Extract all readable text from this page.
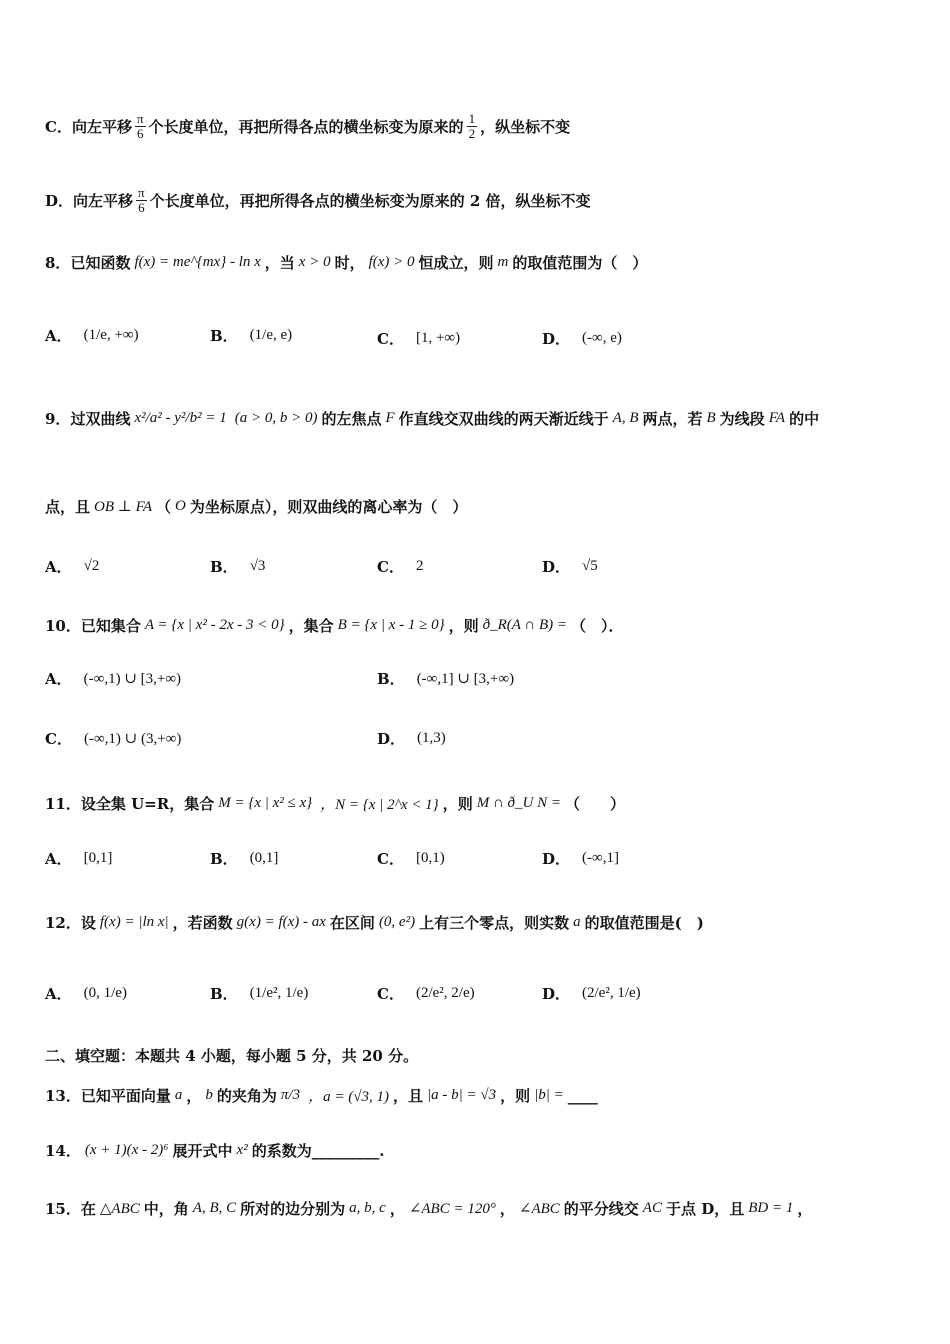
C． 向左平移 $\frac{\pi}{6}$ 个长度单位，再把所得各点的横坐标变为原来的 $\frac{1}{2}$ ，纵坐标不变
D． 向左平移 $\frac{\pi}{6}$ 个长度单位，再把所得各点的横坐标变为原来的 2 倍，纵坐标不变
8． 已知函数 f(x) = me^{mx} - ln x ，当 x > 0 时， f(x) > 0 恒成立，则 m 的取值范围为（　）
A． (1/e, +∞)	B． (1/e, e)	C． [1, +∞)	D． (-∞, e)
9． 过双曲线 x²/a² - y²/b² = 1 (a > 0, b > 0) 的左焦点 F 作直线交双曲线的两天渐近线于 A, B 两点，若 B 为线段 FA 的中
点，且 OB ⊥ FA （ O 为坐标原点），则双曲线的离心率为（　）
A． √2	B． √3	C． 2	D． √5
10． 已知集合 A = {x | x² - 2x - 3 < 0} ，集合 B = {x | x - 1 ≥ 0} ，则 ð_R(A ∩ B) = （　）．
A． (-∞,1) ∪ [3,+∞)	B． (-∞,1] ∪ [3,+∞)
C． (-∞,1) ∪ (3,+∞)	D． (1,3)
11． 设全集 U=R，集合 M = {x | x² ≤ x} ，N = {x | 2^x < 1} ，则 M ∩ ð_U N = （　　）
A． [0,1]	B． (0,1]	C． [0,1)	D． (-∞,1]
12． 设 f(x) = |ln x| ，若函数 g(x) = f(x) - ax 在区间 (0, e²) 上有三个零点，则实数 a 的取值范围是(　)
A． (0, 1/e)	B． (1/e², 1/e)	C． (2/e², 2/e)	D． (2/e², 1/e)
二、填空题：本题共 4 小题，每小题 5 分，共 20 分。
13． 已知平面向量 a ， b 的夹角为 π/3 ，a = (√3, 1) ，且 |a - b| = √3 ，则 |b| = ____
14． (x + 1)(x - 2)⁶ 展开式中 x² 的系数为_________.
15． 在 △ABC 中，角 A, B, C 所对的边分别为 a, b, c ， ∠ABC = 120° ， ∠ABC 的平分线交 AC 于点 D，且 BD = 1 ，
